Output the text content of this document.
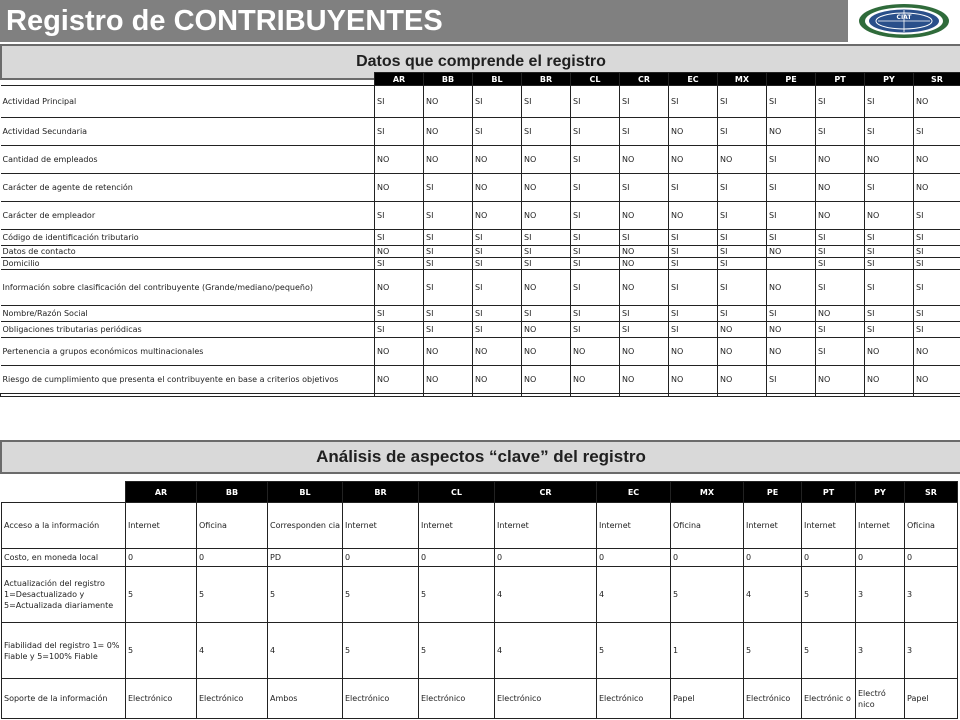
Registro de CONTRIBUYENTES	CIAT
Datos que comprende el registro
	AR	BB	BL	BR	CL	CR	EC	MX	PE	PT	PY	SR
Actividad Principal	SI	NO	SI	SI	SI	SI	SI	SI	SI	SI	SI	NO
Actividad Secundaria	SI	NO	SI	SI	SI	SI	NO	SI	NO	SI	SI	SI
Cantidad de empleados	NO	NO	NO	NO	SI	NO	NO	NO	SI	NO	NO	NO
Carácter de agente de retención	NO	SI	NO	NO	SI	SI	SI	SI	SI	NO	SI	NO
Carácter de empleador	SI	SI	NO	NO	SI	NO	NO	SI	SI	NO	NO	SI
Código de identificación tributario	SI	SI	SI	SI	SI	SI	SI	SI	SI	SI	SI	SI
Datos de contacto	NO	SI	SI	SI	SI	NO	SI	SI	NO	SI	SI	SI
Domicilio	SI	SI	SI	SI	SI	NO	SI	SI		SI	SI	SI
Información sobre clasificación del contribuyente (Grande/mediano/pequeño)	NO	SI	SI	NO	SI	NO	SI	SI	NO	SI	SI	SI
Nombre/Razón Social	SI	SI	SI	SI	SI	SI	SI	SI	SI	NO	SI	SI
Obligaciones tributarias periódicas	SI	SI	SI	NO	SI	SI	SI	NO	NO	SI	SI	SI
Pertenencia a grupos económicos multinacionales	NO	NO	NO	NO	NO	NO	NO	NO	NO	SI	NO	NO
Riesgo de cumplimiento que presenta el contribuyente en base a criterios objetivos	NO	NO	NO	NO	NO	NO	NO	NO	SI	NO	NO	NO

Análisis de aspectos “clave” del registro
	AR	BB	BL	BR	CL	CR	EC	MX	PE	PT	PY	SR
Acceso a la información	Internet	Oficina	Corresponden cia	Internet	Internet	Internet	Internet	Oficina	Internet	Internet	Internet	Oficina
Costo, en moneda local	0	0	PD	0	0	0	0	0	0	0	0	0
Actualización del registro 1=Desactualizado y 5=Actualizada diariamente	5	5	5	5	5	4	4	5	4	5	3	3
Fiabilidad del registro 1= 0% Fiable y 5=100% Fiable	5	4	4	5	5	4	5	1	5	5	3	3
Soporte de la información	Electrónico	Electrónico	Ambos	Electrónico	Electrónico	Electrónico	Electrónico	Papel	Electrónico	Electrónic o	Electró nico	Papel
